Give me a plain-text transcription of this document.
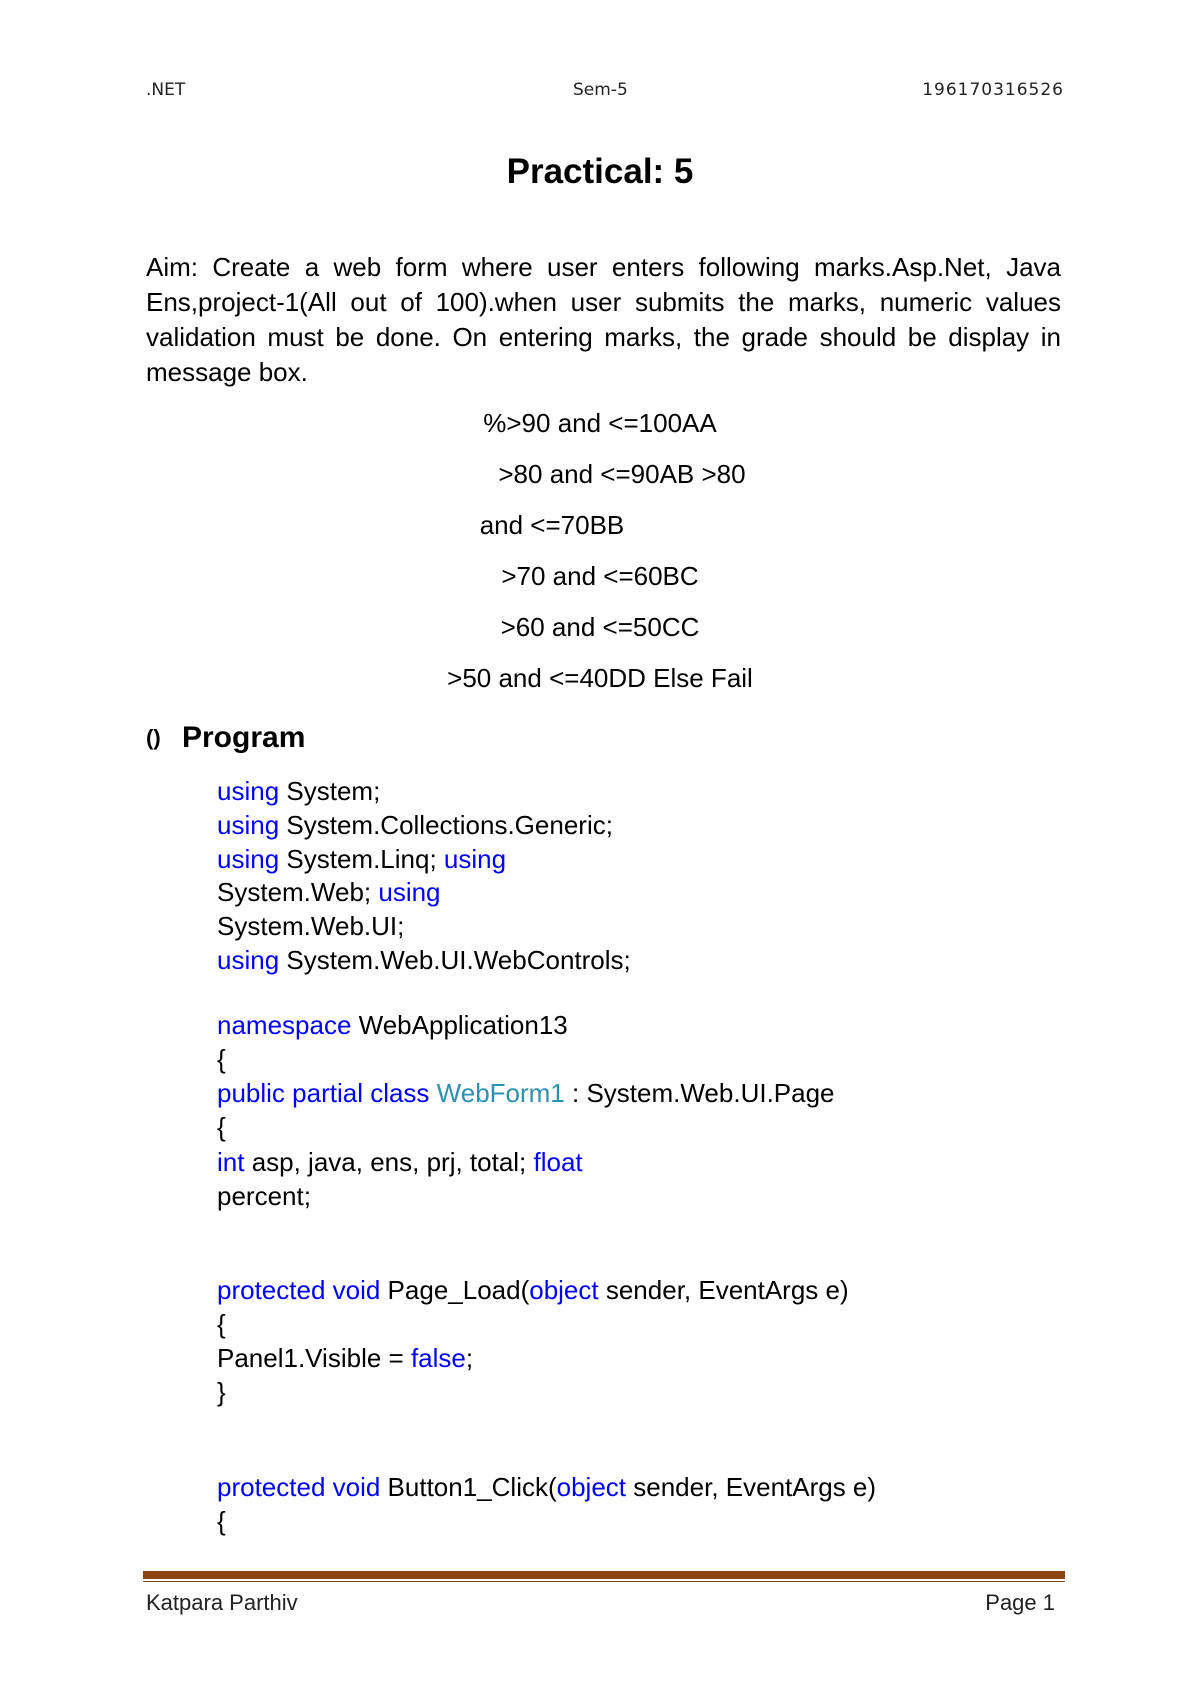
.NET	Sem-5	196170316526
Practical: 5
Aim: Create a web form where user enters following marks.Asp.Net, Java Ens,project-1(All out of 100).when user submits the marks, numeric values validation must be done. On entering marks, the grade should be display in message box.
%>90 and <=100AA
>80 and <=90AB >80
and <=70BB
>70 and <=60BC
>60 and <=50CC
>50 and <=40DD Else Fail
() Program
using System;
using System.Collections.Generic;
using System.Linq; using
System.Web; using
System.Web.UI;
using System.Web.UI.WebControls;
namespace WebApplication13
{
public partial class WebForm1 : System.Web.UI.Page
{
int asp, java, ens, prj, total; float
percent;
protected void Page_Load(object sender, EventArgs e)
{
Panel1.Visible = false;
}
protected void Button1_Click(object sender, EventArgs e)
{
Katpara Parthiv	Page 1
